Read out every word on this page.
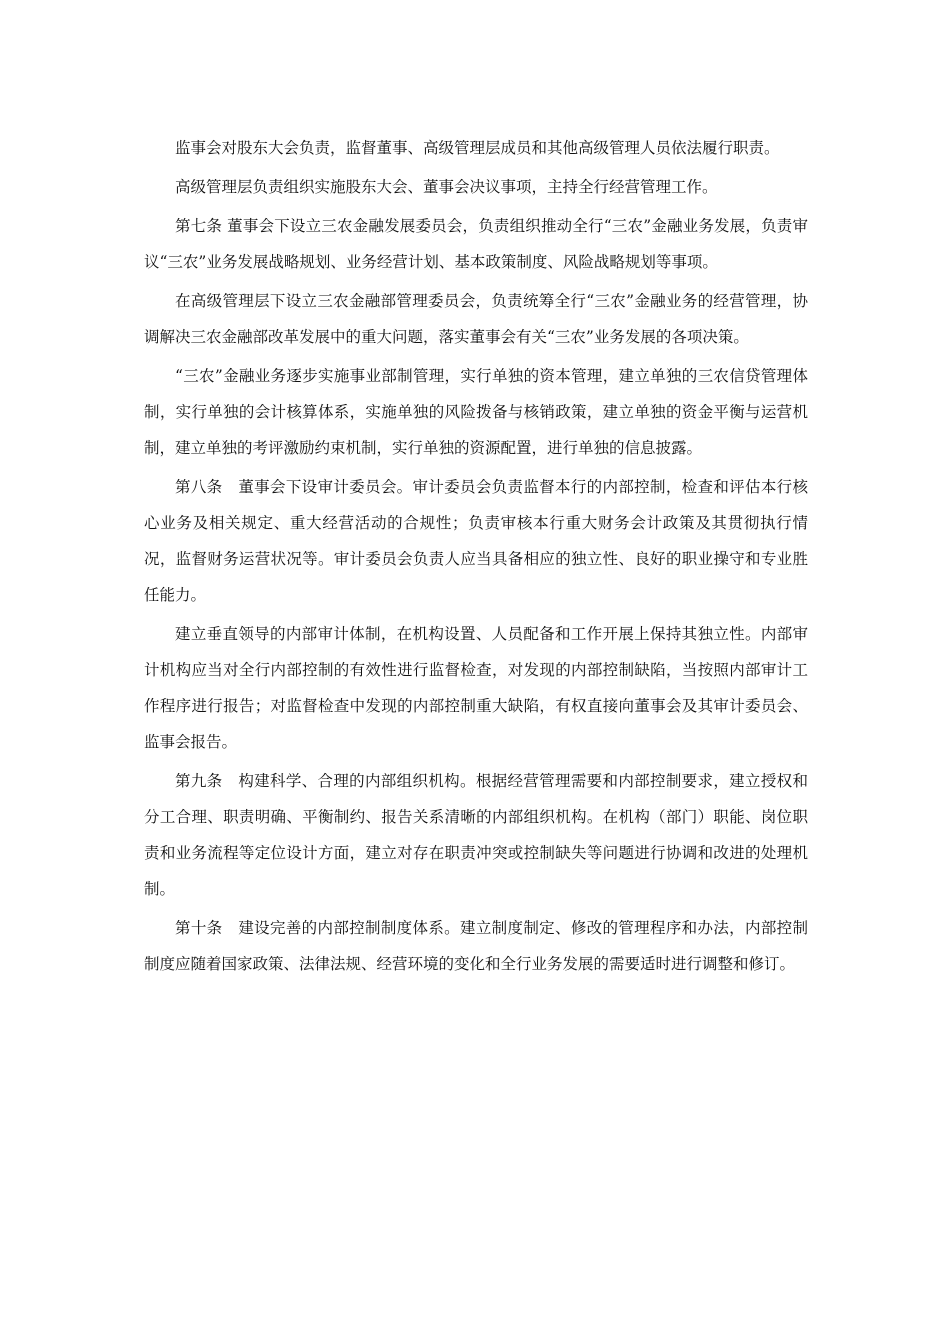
监事会对股东大会负责，监督董事、高级管理层成员和其他高级管理人员依法履行职责。

高级管理层负责组织实施股东大会、董事会决议事项，主持全行经营管理工作。

第七条 董事会下设立三农金融发展委员会，负责组织推动全行“三农”金融业务发展，负责审议“三农”业务发展战略规划、业务经营计划、基本政策制度、风险战略规划等事项。

在高级管理层下设立三农金融部管理委员会，负责统筹全行“三农”金融业务的经营管理，协调解决三农金融部改革发展中的重大问题，落实董事会有关“三农”业务发展的各项决策。

“三农”金融业务逐步实施事业部制管理，实行单独的资本管理，建立单独的三农信贷管理体制，实行单独的会计核算体系，实施单独的风险拨备与核销政策，建立单独的资金平衡与运营机制，建立单独的考评激励约束机制，实行单独的资源配置，进行单独的信息披露。

第八条　董事会下设审计委员会。审计委员会负责监督本行的内部控制，检查和评估本行核心业务及相关规定、重大经营活动的合规性；负责审核本行重大财务会计政策及其贯彻执行情况，监督财务运营状况等。审计委员会负责人应当具备相应的独立性、良好的职业操守和专业胜任能力。

建立垂直领导的内部审计体制，在机构设置、人员配备和工作开展上保持其独立性。内部审计机构应当对全行内部控制的有效性进行监督检查，对发现的内部控制缺陷，当按照内部审计工作程序进行报告；对监督检查中发现的内部控制重大缺陷，有权直接向董事会及其审计委员会、监事会报告。

第九条　构建科学、合理的内部组织机构。根据经营管理需要和内部控制要求，建立授权和分工合理、职责明确、平衡制约、报告关系清晰的内部组织机构。在机构（部门）职能、岗位职责和业务流程等定位设计方面，建立对存在职责冲突或控制缺失等问题进行协调和改进的处理机制。

第十条　建设完善的内部控制制度体系。建立制度制定、修改的管理程序和办法，内部控制制度应随着国家政策、法律法规、经营环境的变化和全行业务发展的需要适时进行调整和修订。
